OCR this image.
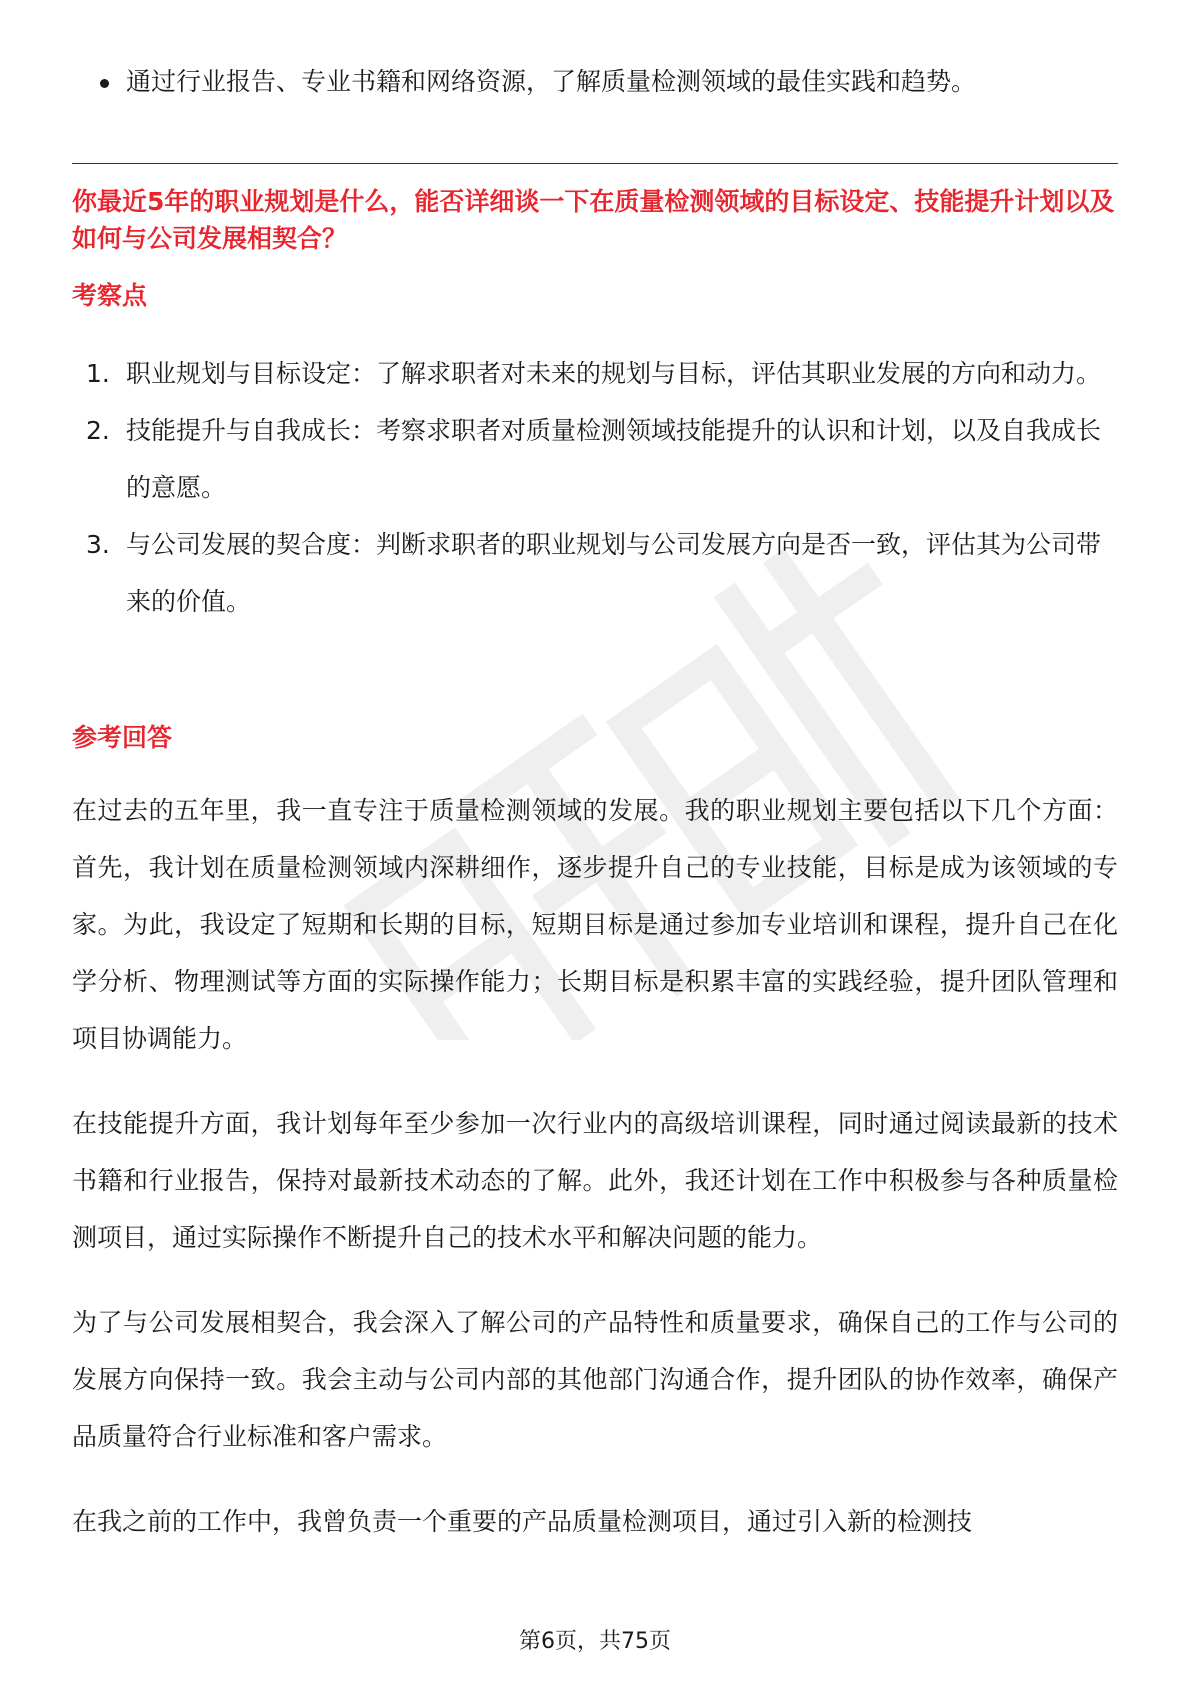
通过行业报告、专业书籍和网络资源，了解质量检测领域的最佳实践和趋势。
你最近5年的职业规划是什么，能否详细谈一下在质量检测领域的目标设定、技能提升计划以及如何与公司发展相契合？
考察点
1. 职业规划与目标设定：了解求职者对未来的规划与目标，评估其职业发展的方向和动力。
2. 技能提升与自我成长：考察求职者对质量检测领域技能提升的认识和计划，以及自我成长的意愿。
3. 与公司发展的契合度：判断求职者的职业规划与公司发展方向是否一致，评估其为公司带来的价值。
参考回答

在过去的五年里，我一直专注于质量检测领域的发展。我的职业规划主要包括以下几个方面：首先，我计划在质量检测领域内深耕细作，逐步提升自己的专业技能，目标是成为该领域的专家。为此，我设定了短期和长期的目标，短期目标是通过参加专业培训和课程，提升自己在化学分析、物理测试等方面的实际操作能力；长期目标是积累丰富的实践经验，提升团队管理和项目协调能力。

在技能提升方面，我计划每年至少参加一次行业内的高级培训课程，同时通过阅读最新的技术书籍和行业报告，保持对最新技术动态的了解。此外，我还计划在工作中积极参与各种质量检测项目，通过实际操作不断提升自己的技术水平和解决问题的能力。

为了与公司发展相契合，我会深入了解公司的产品特性和质量要求，确保自己的工作与公司的发展方向保持一致。我会主动与公司内部的其他部门沟通合作，提升团队的协作效率，确保产品质量符合行业标准和客户需求。

在我之前的工作中，我曾负责一个重要的产品质量检测项目，通过引入新的检测技

第6页，共75页
